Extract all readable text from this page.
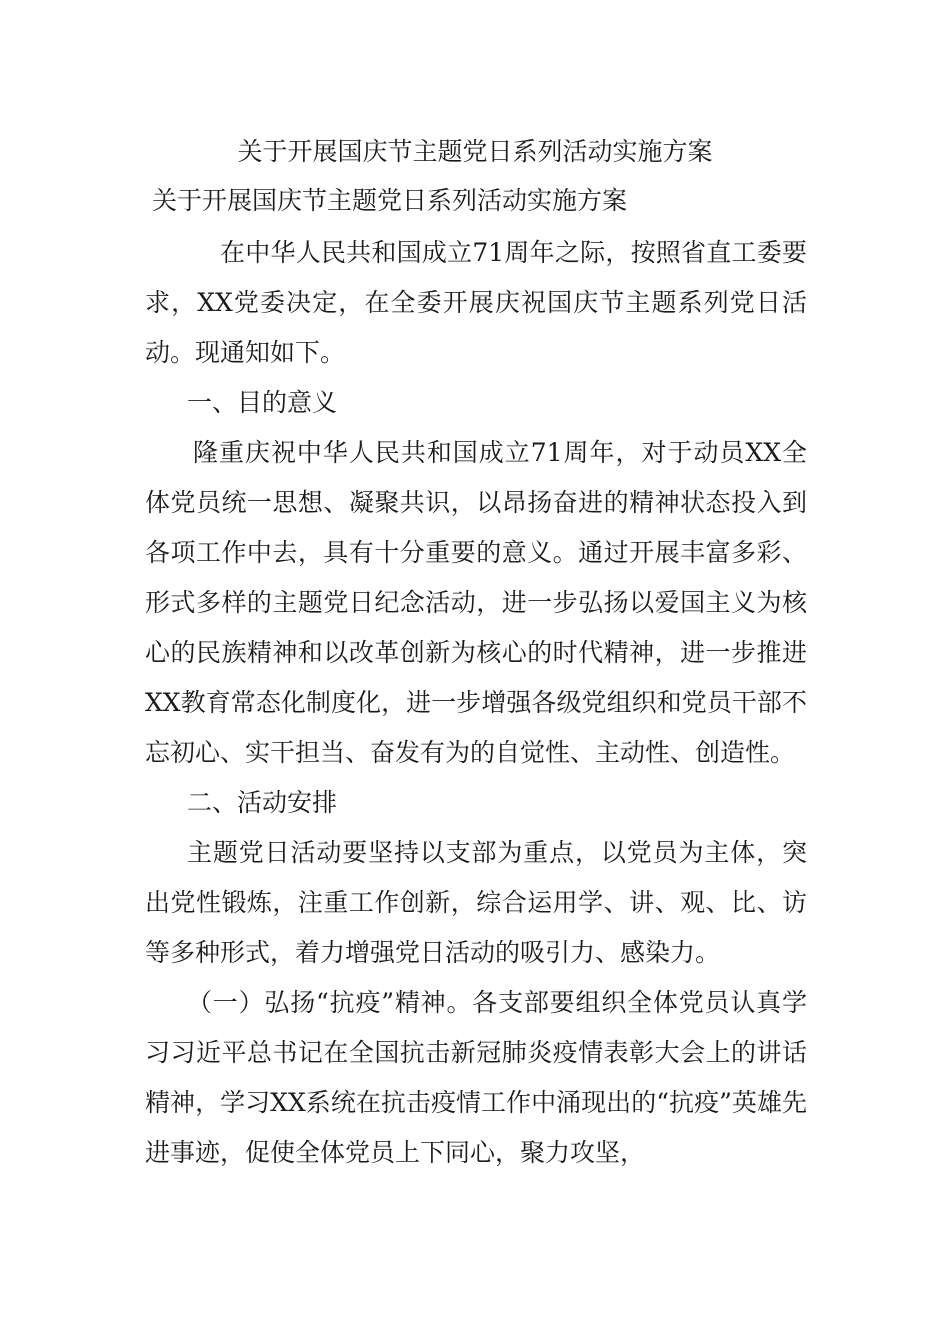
关于开展国庆节主题党日系列活动实施方案
关于开展国庆节主题党日系列活动实施方案

在中华人民共和国成立71周年之际，按照省直工委要求，XX党委决定，在全委开展庆祝国庆节主题系列党日活动。现通知如下。

一、目的意义

隆重庆祝中华人民共和国成立71周年，对于动员XX全体党员统一思想、凝聚共识，以昂扬奋进的精神状态投入到各项工作中去，具有十分重要的意义。通过开展丰富多彩、形式多样的主题党日纪念活动，进一步弘扬以爱国主义为核心的民族精神和以改革创新为核心的时代精神，进一步推进XX教育常态化制度化，进一步增强各级党组织和党员干部不忘初心、实干担当、奋发有为的自觉性、主动性、创造性。

二、活动安排

主题党日活动要坚持以支部为重点，以党员为主体，突出党性锻炼，注重工作创新，综合运用学、讲、观、比、访等多种形式，着力增强党日活动的吸引力、感染力。

（一）弘扬“抗疫”精神。各支部要组织全体党员认真学习习近平总书记在全国抗击新冠肺炎疫情表彰大会上的讲话精神，学习XX系统在抗击疫情工作中涌现出的“抗疫”英雄先进事迹，促使全体党员上下同心，聚力攻坚，
